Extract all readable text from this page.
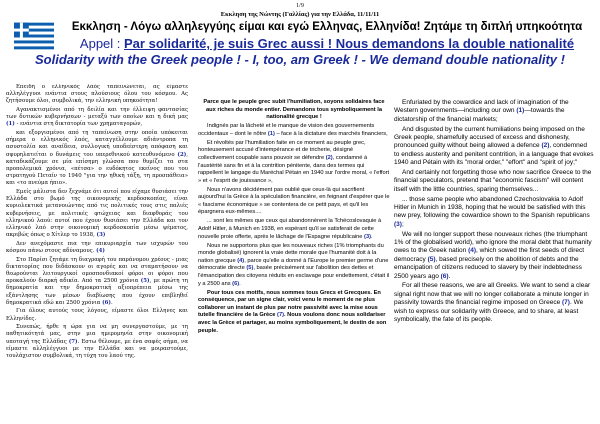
1/9
Εκκληση της Νώντης (Γαλλίας) για την Ελλάδα, 11/11/11
Εκκληση - Λόγω αλληλεγγύης είμαι και εγώ Ελληνας, Ελληνίδα! Ζητάμε τη διπλή υπηκοότητα
Appel : Par solidarité, je suis Grec aussi ! Nous demandons la double nationalité
Solidarity with the Greek people ! - I, too, am Greek ! - We demand double nationality !

Επειδή ο ελληνικός λαός ταπεινώνεται, ας είμαστε αλληλέγγυοι ενάντια στους πλούσιους όλου του κόσμου. Ας ζητήσουμε όλοι, συμβολικά, την ελληνική υπηκοότητα!

Αγανακτισμένοι από τη δειλία και την έλλειψη φαντασίας των δυτικών κυβερνήσεων - μεταξύ των οποίων και η δική μας (1) - ενάντια στη δικτατορία των χρηματαγορών,

και εξοργισμένοι από τη ταπείνωση στην οποία υπόκειται σήμερα ο ελληνικός λαός, καταγγέλλουμε αδιάντροπα τη ασυστολία και αναίδεια, συλλογική υποδεέστερη απόφαση και σφυρηλατείται ο δυνάμεις του υπερεθνικού κατευθυνόμενο (2), καταδικάζουμε σε μία επίσημη γλώσσα που θυμίζει τα στα προπολεμικά χρόνια, «πέτσα» ο ευδόκητος εκείνος που του στρατηγού Πεταίν το 1940 "για την ηθική τάξη, τη προσπάθεια» και «το πνεύμα ήπιο».

Εμείς μάλιστα δεν ξεχνάμε ότι αυτοί που είχαμε θυσιάσει την Ελλάδα στο βωμό της οικονομικής κερδοσκοπίας, είναι κυριολεκτικά μετανοιώντας από τις πολιτικές τους στις παλιές κυβερνήσεις, με πολιτικές φτώχειας και διαφθοράς του ελληνικού λαού: αυτοί που έχουν θυσιάσει την Ελλάδα και τον ελληνικό λαό στην οικονομική κερδοσκοπία μέσω ψέματος, ακριβώς όπως ο Χίτλερ το 1938, (3)

Δεν ανεχόμαστε πια την επικυριαρχία των ισχυρών του κόσμου πάνω στους αδύναμους. (4)

Στο Παρίσι ζητάμε τη διαγραφή του παράνομου χρέους - μιας δικτατορίας που διδάσκουν οι αγορές και να σταματήσουν να θεωρούνται λειτουργικοί ομοσπονδιακοί φόροι οι φόροι που προκαλούν διαρκή αδικία. Από τα 2500 χρόνια (5), με πρώτη τη δημοκρατία και την δημοκρατική αξιοπρέπεια μέσω της εξάντλησης των μέσων διαβίωσης που έχουν επιβληθεί δημοκρατικά εδώ και 2500 χρόνια (6).

Για όλους αυτούς τους λόγους, είμαστε όλοι Ελληνες και Ελληνίδες.

Συνεπώς, ήρθε η ώρα για να μη συνεργαστούμε, με τη παθητικότητά μας, στην μια ημερομηνία στην οικονομική υποταγή της Ελλάδας (7). Εστω θέλουμε, με ένα σαφές σήμα, να είμαστε αλληλέγγυοι με την Ελλάδα και να μοιραστούμε, τουλάχιστον συμβολικά, τη τύχη του λαού της.

Parce que le peuple grec subit l'humiliation, soyons solidaires face aux riches du monde entier. Demandons tous symboliquement la nationalité grecque !

Indignés par la lâcheté et le manque de vision des gouvernements occidentaux – dont le nôtre (1) – face à la dictature des marchés financiers,

Et révoltés par l'humiliation faite en ce moment au peuple grec, honteusement accusé d'intempérance et de tricherie, désigné collectivement coupable sans pouvoir se défendre (2), condamné à l'austérité sans fin et à la contrition pénitente, dans des termes qui rappellent le langage du Maréchal Pétain en 1940 sur l'ordre moral, « l'effort » et « l'esprit de jouissance »,

Nous n'avons décidément pas oublié que ceux-là qui sacrifient aujourd'hui la Grèce à la spéculation financière, en feignant d'espérer que le « fascisme économique » se contentera de ce petit pays, et qu'il les épargnera eux-mêmes....

... sont les mêmes que ceux qui abandonnèrent la Tchécoslovaquie à Adolf Hitler, à Munich en 1938, en espérant qu'il se satisferait de cette nouvelle proie offerte, après le lâchage de l'Espagne républicaine (3).

Nous ne supportons plus que les nouveaux riches (1% triomphants du monde globalisé) ignorent la vraie dette morale que l'humanité doit à la nation grecque (4), parce qu'elle a donné à l'Europe le premier germe d'une démocratie directe (5), basée précisément sur l'abolition des dettes et l'émancipation des citoyens réduits en esclavage pour endettement, c'était il y a 2500 ans (6).

Pour tous ces motifs, nous sommes tous Grecs et Grecques. En conséquence, par un signe clair, voici venu le moment de ne plus collaborer un instant de plus par notre passivité avec la mise sous tutelle financière de la Grèce (7). Nous voulons donc nous solidariser avec la Grèce et partager, au moins symboliquement, le destin de son peuple.

Enfuriated by the cowardice and lack of imagination of the Western governments—including our own (1)—towards the dictatorship of the financial markets;

And disgusted by the current humiliations being imposed on the Greek people, shamefully accused of excess and dishonesty, pronounced guilty without being allowed a defence (2), condemned to endless austerity and penitent contrition, in a language that evokes 1940 and Pétain with its "moral order," "effort" and "spirit of joy;"

And certainly not forgetting those who now sacrifice Greece to the financial speculators, pretend that "economic fascism" will content itself with the little countries, sparing themselves...

... those same people who abandoned Czechoslovakia to Adolf Hitler in Munich in 1938, hoping that he would be satisfied with this new prey, following the cowardice shown to the Spanish republicans (3);

We will no longer support these nouveaux riches (the triumphant 1% of the globalised world), who ignore the moral debt that humanity owes to the Greek nation (4), which sowed the first seeds of direct democracy (5), based precisely on the abolition of debts and the emancipation of citizens reduced to slavery by their indebtedness 2500 years ago (6).

For all these reasons, we are all Greeks. We want to send a clear signal right now that we will no longer collaborate a minute longer in passivity towards the financial regime imposed on Greece (7). We wish to express our solidarity with Greece, and to share, at least symbolically, the fate of its people.
